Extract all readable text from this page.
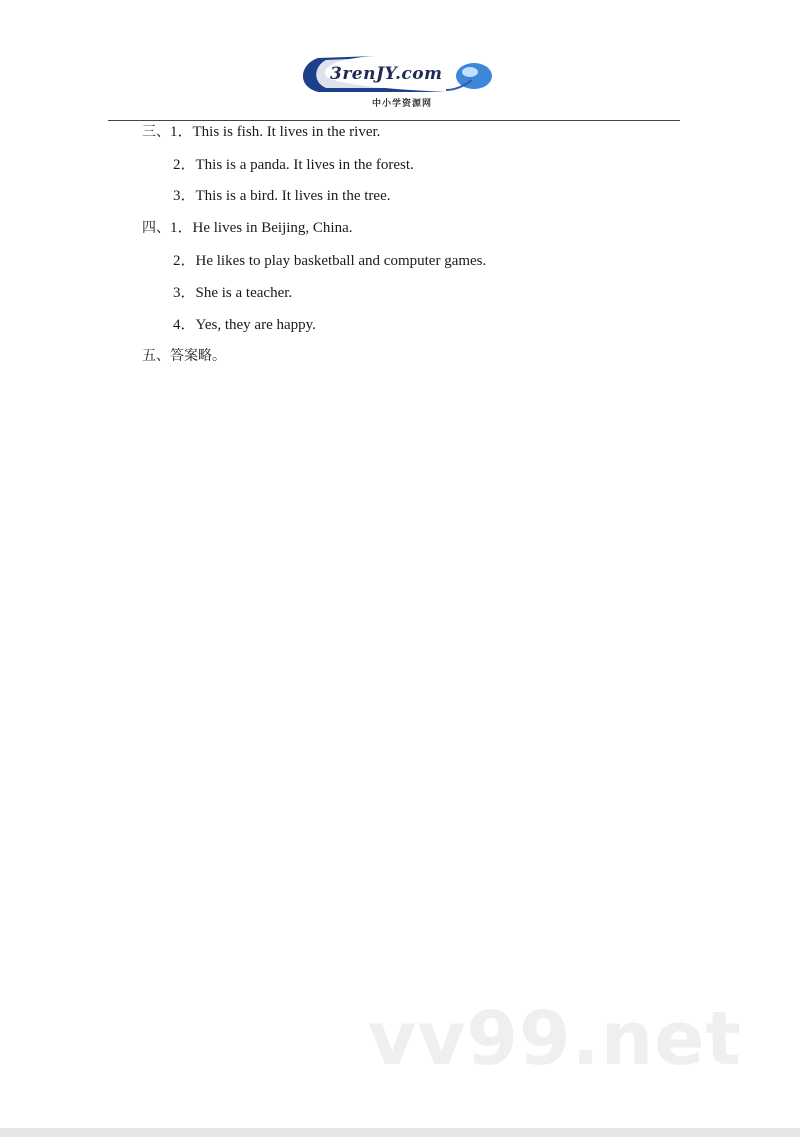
3renJY.com
中小学资源网
三、1．This is fish. It lives in the river.
2．This is a panda. It lives in the forest.
3．This is a bird. It lives in the tree.
四、1．He lives in Beijing, China.
2．He likes to play basketball and computer games.
3．She is a teacher.
4．Yes, they are happy.
五、答案略。
vv99.net
